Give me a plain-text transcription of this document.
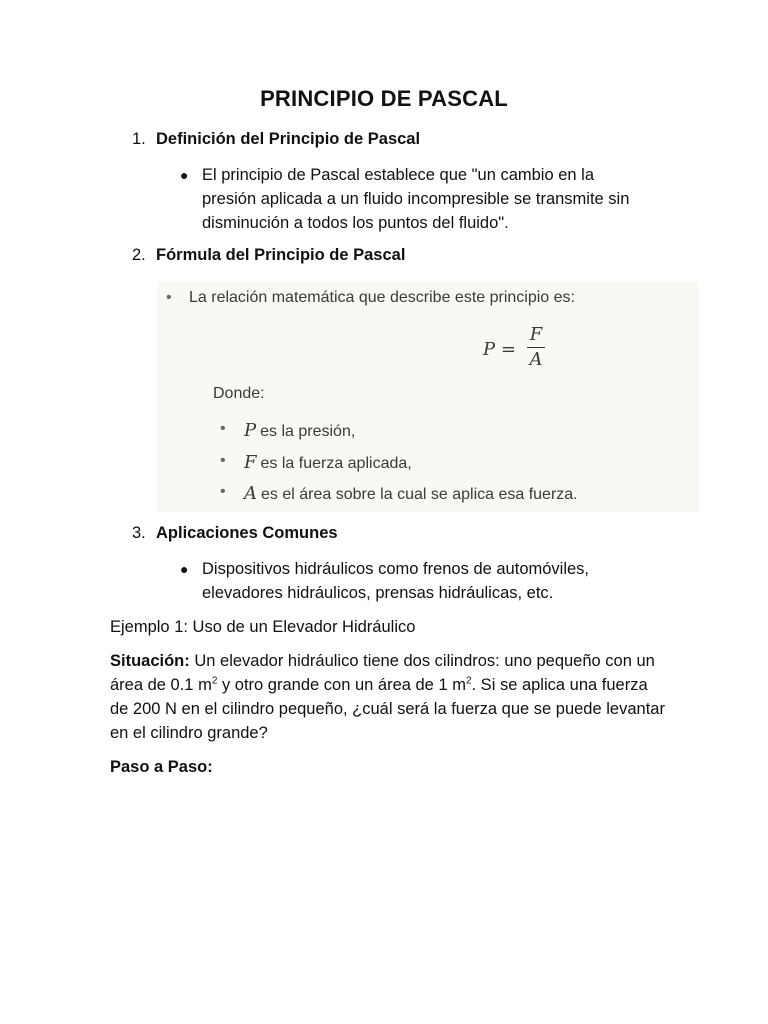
PRINCIPIO DE PASCAL
1. Definición del Principio de Pascal
● El principio de Pascal establece que "un cambio en la presión aplicada a un fluido incompresible se transmite sin disminución a todos los puntos del fluido".
2. Fórmula del Principio de Pascal
• La relación matemática que describe este principio es:
P =
F
A
Donde:
• P es la presión,
• F es la fuerza aplicada,
• A es el área sobre la cual se aplica esa fuerza.
3. Aplicaciones Comunes
● Dispositivos hidráulicos como frenos de automóviles, elevadores hidráulicos, prensas hidráulicas, etc.
Ejemplo 1: Uso de un Elevador Hidráulico
Situación: Un elevador hidráulico tiene dos cilindros: uno pequeño con un área de 0.1 $m^2$ y otro grande con un área de 1 $m^2$. Si se aplica una fuerza de 200 N en el cilindro pequeño, ¿cuál será la fuerza que se puede levantar en el cilindro grande?
Paso a Paso:
